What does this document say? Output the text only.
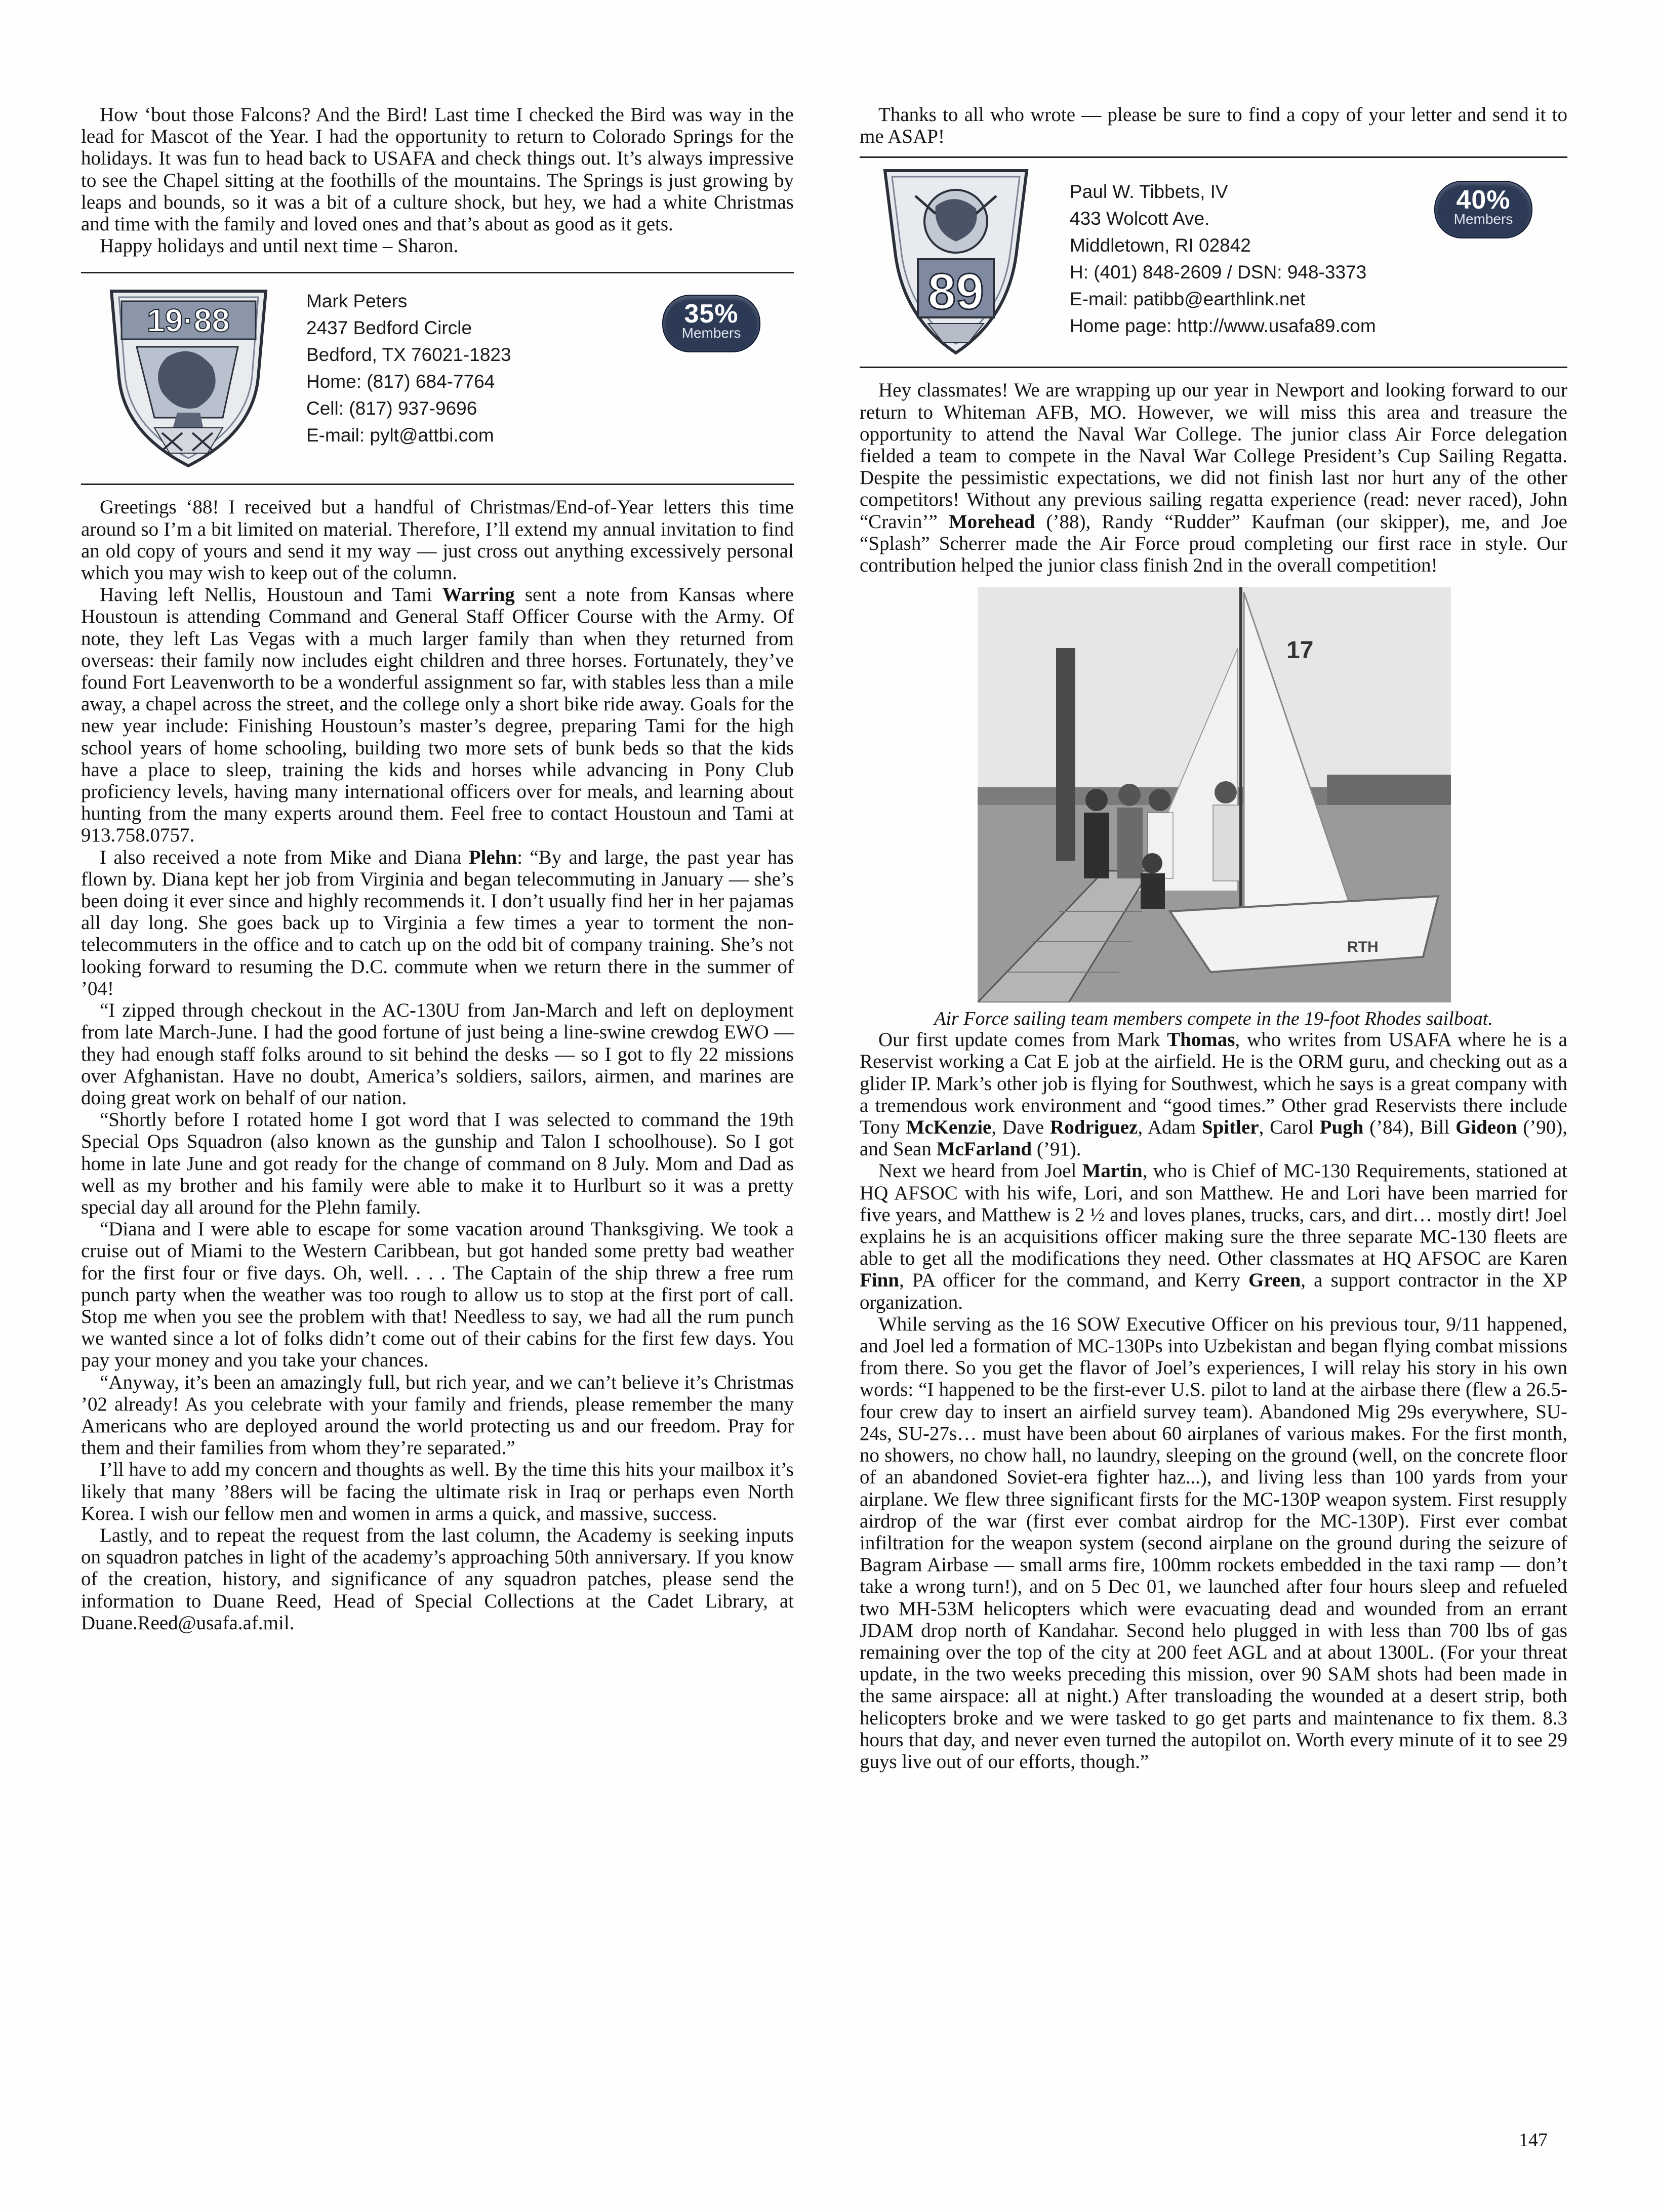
How ‘bout those Falcons? And the Bird! Last time I checked the Bird was way in the lead for Mascot of the Year. I had the opportunity to return to Colorado Springs for the holidays. It was fun to head back to USAFA and check things out. It’s always impressive to see the Chapel sitting at the foothills of the mountains. The Springs is just growing by leaps and bounds, so it was a bit of a culture shock, but hey, we had a white Christmas and time with the family and loved ones and that’s about as good as it gets.

Happy holidays and until next time – Sharon.

19·88
Mark Peters
2437 Bedford Circle
Bedford, TX 76021-1823
Home: (817) 684-7764
Cell: (817) 937-9696
E-mail: pylt@attbi.com
35%
Members

Greetings ‘88! I received but a handful of Christmas/End-of-Year letters this time around so I’m a bit limited on material. Therefore, I’ll extend my annual invitation to find an old copy of yours and send it my way — just cross out anything excessively personal which you may wish to keep out of the column.

Having left Nellis, Houstoun and Tami Warring sent a note from Kansas where Houstoun is attending Command and General Staff Officer Course with the Army. Of note, they left Las Vegas with a much larger family than when they returned from overseas: their family now includes eight children and three horses. Fortunately, they’ve found Fort Leavenworth to be a wonderful assignment so far, with stables less than a mile away, a chapel across the street, and the college only a short bike ride away. Goals for the new year include: Finishing Houstoun’s master’s degree, preparing Tami for the high school years of home schooling, building two more sets of bunk beds so that the kids have a place to sleep, training the kids and horses while advancing in Pony Club proficiency levels, having many international officers over for meals, and learning about hunting from the many experts around them. Feel free to contact Houstoun and Tami at 913.758.0757.

I also received a note from Mike and Diana Plehn: “By and large, the past year has flown by. Diana kept her job from Virginia and began telecommuting in January — she’s been doing it ever since and highly recommends it. I don’t usually find her in her pajamas all day long. She goes back up to Virginia a few times a year to torment the non-telecommuters in the office and to catch up on the odd bit of company training. She’s not looking forward to resuming the D.C. commute when we return there in the summer of ’04!

“I zipped through checkout in the AC-130U from Jan-March and left on deployment from late March-June. I had the good fortune of just being a line-swine crewdog EWO — they had enough staff folks around to sit behind the desks — so I got to fly 22 missions over Afghanistan. Have no doubt, America’s soldiers, sailors, airmen, and marines are doing great work on behalf of our nation.

“Shortly before I rotated home I got word that I was selected to command the 19th Special Ops Squadron (also known as the gunship and Talon I schoolhouse). So I got home in late June and got ready for the change of command on 8 July. Mom and Dad as well as my brother and his family were able to make it to Hurlburt so it was a pretty special day all around for the Plehn family.

“Diana and I were able to escape for some vacation around Thanksgiving. We took a cruise out of Miami to the Western Caribbean, but got handed some pretty bad weather for the first four or five days. Oh, well. . . . The Captain of the ship threw a free rum punch party when the weather was too rough to allow us to stop at the first port of call. Stop me when you see the problem with that! Needless to say, we had all the rum punch we wanted since a lot of folks didn’t come out of their cabins for the first few days. You pay your money and you take your chances.

“Anyway, it’s been an amazingly full, but rich year, and we can’t believe it’s Christmas ’02 already! As you celebrate with your family and friends, please remember the many Americans who are deployed around the world protecting us and our freedom. Pray for them and their families from whom they’re separated.”

I’ll have to add my concern and thoughts as well. By the time this hits your mailbox it’s likely that many ’88ers will be facing the ultimate risk in Iraq or perhaps even North Korea. I wish our fellow men and women in arms a quick, and massive, success.

Lastly, and to repeat the request from the last column, the Academy is seeking inputs on squadron patches in light of the academy’s approaching 50th anniversary. If you know of the creation, history, and significance of any squadron patches, please send the information to Duane Reed, Head of Special Collections at the Cadet Library, at Duane.Reed@usafa.af.mil.

Thanks to all who wrote — please be sure to find a copy of your letter and send it to me ASAP!

89
Paul W. Tibbets, IV
433 Wolcott Ave.
Middletown, RI 02842
H: (401) 848-2609 / DSN: 948-3373
E-mail: patibb@earthlink.net
Home page: http://www.usafa89.com
40%
Members

Hey classmates! We are wrapping up our year in Newport and looking forward to our return to Whiteman AFB, MO. However, we will miss this area and treasure the opportunity to attend the Naval War College. The junior class Air Force delegation fielded a team to compete in the Naval War College President’s Cup Sailing Regatta. Despite the pessimistic expectations, we did not finish last nor hurt any of the other competitors! Without any previous sailing regatta experience (read: never raced), John “Cravin’” Morehead (’88), Randy “Rudder” Kaufman (our skipper), me, and Joe “Splash” Scherrer made the Air Force proud completing our first race in style. Our contribution helped the junior class finish 2nd in the overall competition!

17
RTH
Air Force sailing team members compete in the 19-foot Rhodes sailboat.

Our first update comes from Mark Thomas, who writes from USAFA where he is a Reservist working a Cat E job at the airfield. He is the ORM guru, and checking out as a glider IP. Mark’s other job is flying for Southwest, which he says is a great company with a tremendous work environment and “good times.” Other grad Reservists there include Tony McKenzie, Dave Rodriguez, Adam Spitler, Carol Pugh (’84), Bill Gideon (’90), and Sean McFarland (’91).

Next we heard from Joel Martin, who is Chief of MC-130 Requirements, stationed at HQ AFSOC with his wife, Lori, and son Matthew. He and Lori have been married for five years, and Matthew is 2 ½ and loves planes, trucks, cars, and dirt… mostly dirt! Joel explains he is an acquisitions officer making sure the three separate MC-130 fleets are able to get all the modifications they need. Other classmates at HQ AFSOC are Karen Finn, PA officer for the command, and Kerry Green, a support contractor in the XP organization.

While serving as the 16 SOW Executive Officer on his previous tour, 9/11 happened, and Joel led a formation of MC-130Ps into Uzbekistan and began flying combat missions from there. So you get the flavor of Joel’s experiences, I will relay his story in his own words: “I happened to be the first-ever U.S. pilot to land at the airbase there (flew a 26.5-four crew day to insert an airfield survey team). Abandoned Mig 29s everywhere, SU-24s, SU-27s… must have been about 60 airplanes of various makes. For the first month, no showers, no chow hall, no laundry, sleeping on the ground (well, on the concrete floor of an abandoned Soviet-era fighter haz...), and living less than 100 yards from your airplane. We flew three significant firsts for the MC-130P weapon system. First resupply airdrop of the war (first ever combat airdrop for the MC-130P). First ever combat infiltration for the weapon system (second airplane on the ground during the seizure of Bagram Airbase — small arms fire, 100mm rockets embedded in the taxi ramp — don’t take a wrong turn!), and on 5 Dec 01, we launched after four hours sleep and refueled two MH-53M helicopters which were evacuating dead and wounded from an errant JDAM drop north of Kandahar. Second helo plugged in with less than 700 lbs of gas remaining over the top of the city at 200 feet AGL and at about 1300L. (For your threat update, in the two weeks preceding this mission, over 90 SAM shots had been made in the same airspace: all at night.) After transloading the wounded at a desert strip, both helicopters broke and we were tasked to go get parts and maintenance to fix them. 8.3 hours that day, and never even turned the autopilot on. Worth every minute of it to see 29 guys live out of our efforts, though.”

147
